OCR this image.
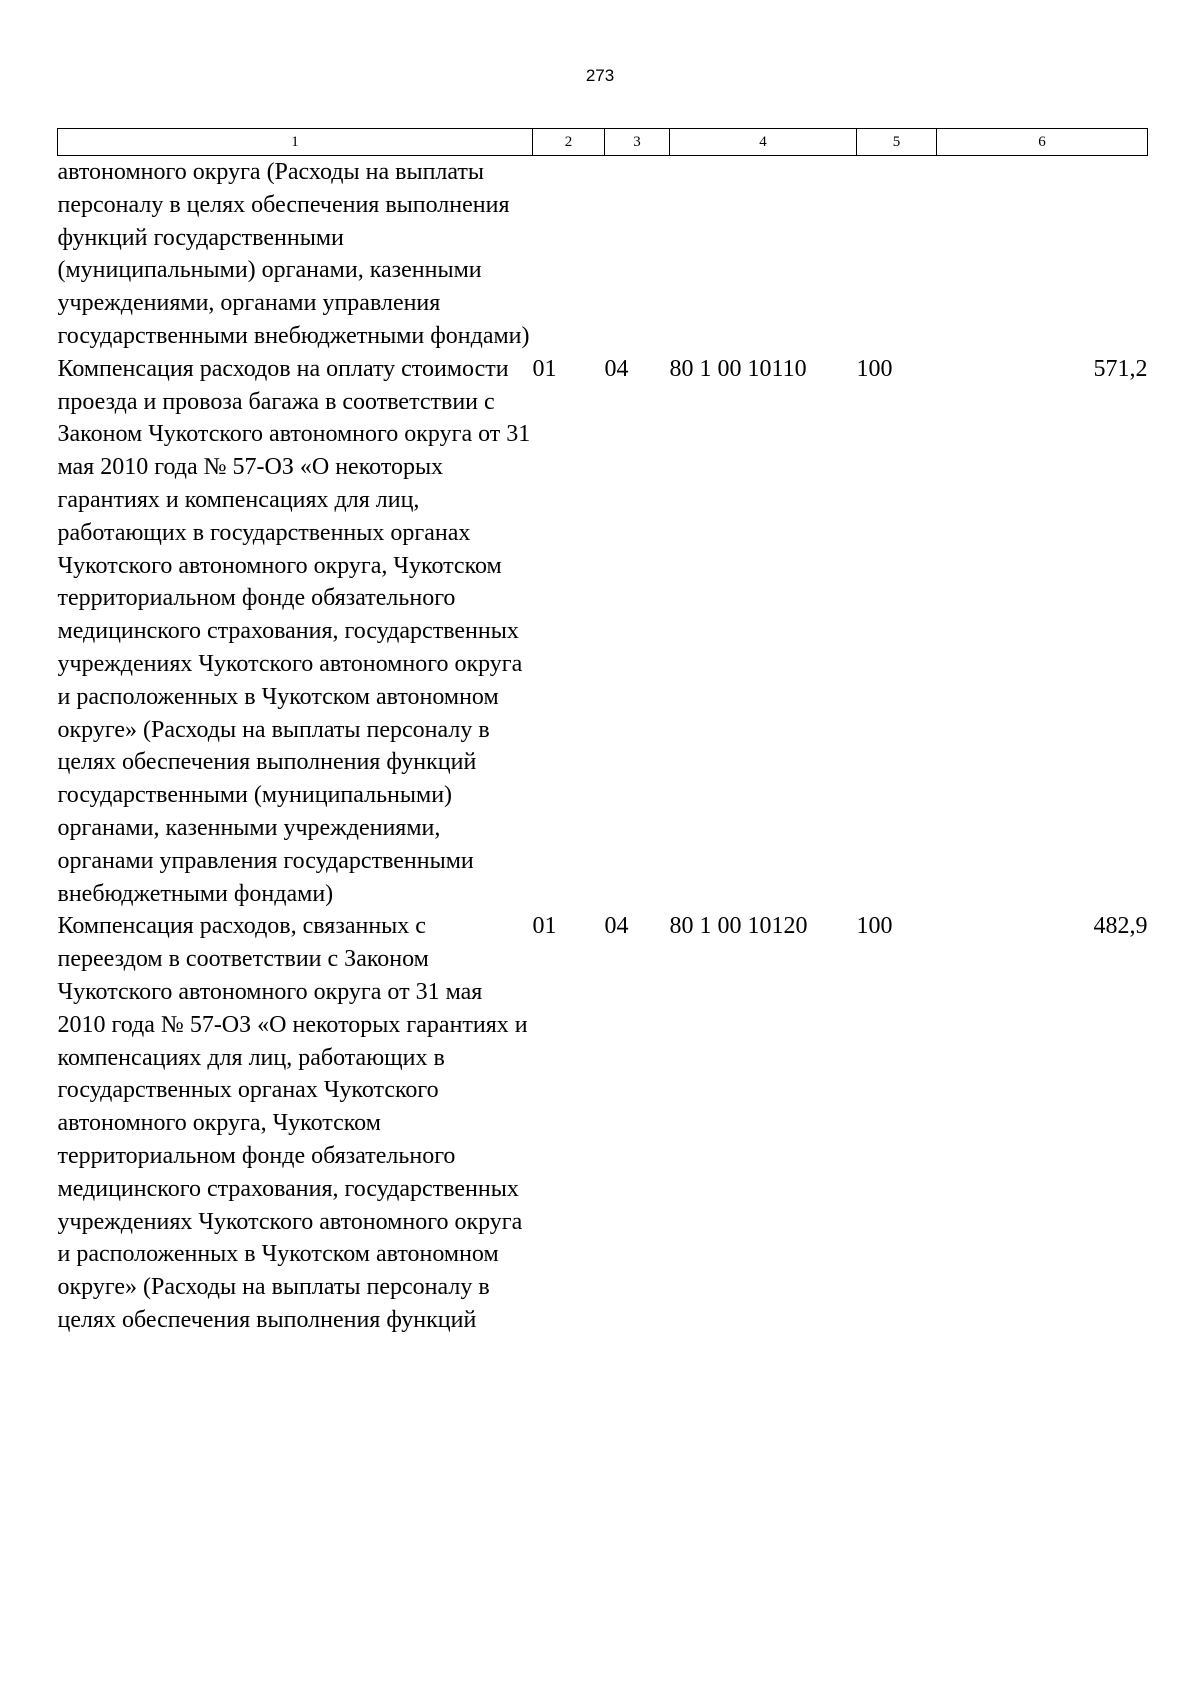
273
1	2	3	4	5	6
автономного округа (Расходы на выплаты персоналу в целях обеспечения выполнения функций государственными (муниципальными) органами, казенными учреждениями, органами управления государственными внебюджетными фондами)					
Компенсация расходов на оплату стоимости проезда и провоза багажа в соответствии с Законом Чукотского автономного округа от 31 мая 2010 года № 57-ОЗ «О некоторых гарантиях и компенсациях для лиц, работающих в государственных органах Чукотского автономного округа, Чукотском территориальном фонде обязательного медицинского страхования, государственных учреждениях Чукотского автономного округа и расположенных в Чукотском автономном округе» (Расходы на выплаты персоналу в целях обеспечения выполнения функций государственными (муниципальными) органами, казенными учреждениями, органами управления государственными внебюджетными фондами)	01	04	80 1 00 10110	100	571,2
Компенсация расходов, связанных с переездом в соответствии с Законом Чукотского автономного округа от 31 мая 2010 года № 57-ОЗ «О некоторых гарантиях и компенсациях для лиц, работающих в государственных органах Чукотского автономного округа, Чукотском территориальном фонде обязательного медицинского страхования, государственных учреждениях Чукотского автономного округа и расположенных в Чукотском автономном округе» (Расходы на выплаты персоналу в целях обеспечения выполнения функций	01	04	80 1 00 10120	100	482,9
